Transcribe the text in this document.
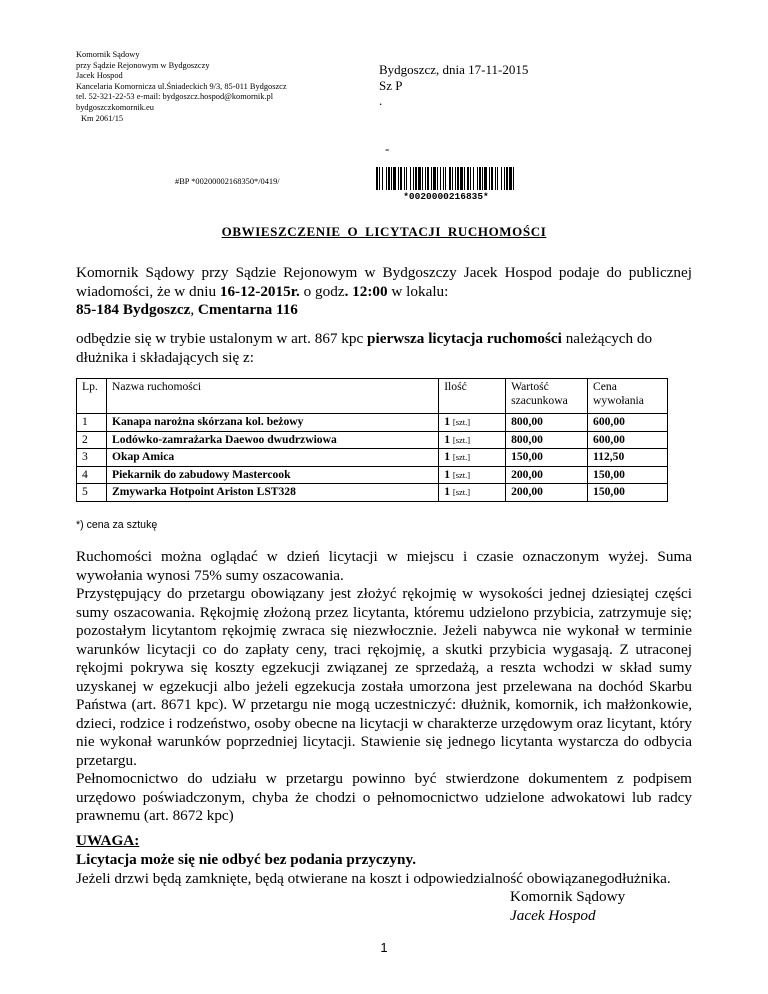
Komornik Sądowy
przy Sądzie Rejonowym w Bydgoszczy
Jacek Hospod
Kancelaria Komornicza ul.Śniadeckich 9/3, 85-011 Bydgoszcz
tel. 52-321-22-53 e-mail: bydgoszcz.hospod@komornik.pl
bydgoszczkomornik.eu
Km 2061/15
Bydgoszcz, dnia 17-11-2015
Sz P
.
-
#BP *00200002168350*/0419/
*0020000216835*
OBWIESZCZENIE O LICYTACJI RUCHOMOŚCI
Komornik Sądowy przy Sądzie Rejonowym w Bydgoszczy Jacek Hospod podaje do publicznej wiadomości, że w dniu 16-12-2015r. o godz. 12:00 w lokalu:
85-184 Bydgoszcz, Cmentarna 116
odbędzie się w trybie ustalonym w art. 867 kpc pierwsza licytacja ruchomości należących do
dłużnika i składających się z:
Lp.	Nazwa ruchomości	Ilość	Wartość szacunkowa	Cena wywołania
1	Kanapa narożna skórzana kol. beżowy	1 [szt.]	800,00	600,00
2	Lodówko-zamrażarka Daewoo dwudrzwiowa	1 [szt.]	800,00	600,00
3	Okap Amica	1 [szt.]	150,00	112,50
4	Piekarnik do zabudowy Mastercook	1 [szt.]	200,00	150,00
5	Zmywarka Hotpoint Ariston LST328	1 [szt.]	200,00	150,00
*) cena za sztukę

Ruchomości można oglądać w dzień licytacji w miejscu i czasie oznaczonym wyżej. Suma wywołania wynosi 75% sumy oszacowania.

Przystępujący do przetargu obowiązany jest złożyć rękojmię w wysokości jednej dziesiątej części sumy oszacowania. Rękojmię złożoną przez licytanta, któremu udzielono przybicia, zatrzymuje się; pozostałym licytantom rękojmię zwraca się niezwłocznie. Jeżeli nabywca nie wykonał w terminie warunków licytacji co do zapłaty ceny, traci rękojmię, a skutki przybicia wygasają. Z utraconej rękojmi pokrywa się koszty egzekucji związanej ze sprzedażą, a reszta wchodzi w skład sumy uzyskanej w egzekucji albo jeżeli egzekucja została umorzona jest przelewana na dochód Skarbu Państwa (art. 8671 kpc). W przetargu nie mogą uczestniczyć: dłużnik, komornik, ich małżonkowie, dzieci, rodzice i rodzeństwo, osoby obecne na licytacji w charakterze urzędowym oraz licytant, który nie wykonał warunków poprzedniej licytacji. Stawienie się jednego licytanta wystarcza do odbycia przetargu.

Pełnomocnictwo do udziału w przetargu powinno być stwierdzone dokumentem z podpisem urzędowo poświadczonym, chyba że chodzi o pełnomocnictwo udzielone adwokatowi lub radcy prawnemu (art. 8672 kpc)

UWAGA:
Licytacja może się nie odbyć bez podania przyczyny.
Jeżeli drzwi będą zamknięte, będą otwierane na koszt i odpowiedzialność obowiązanegodłużnika.
Komornik Sądowy
Jacek Hospod
1
